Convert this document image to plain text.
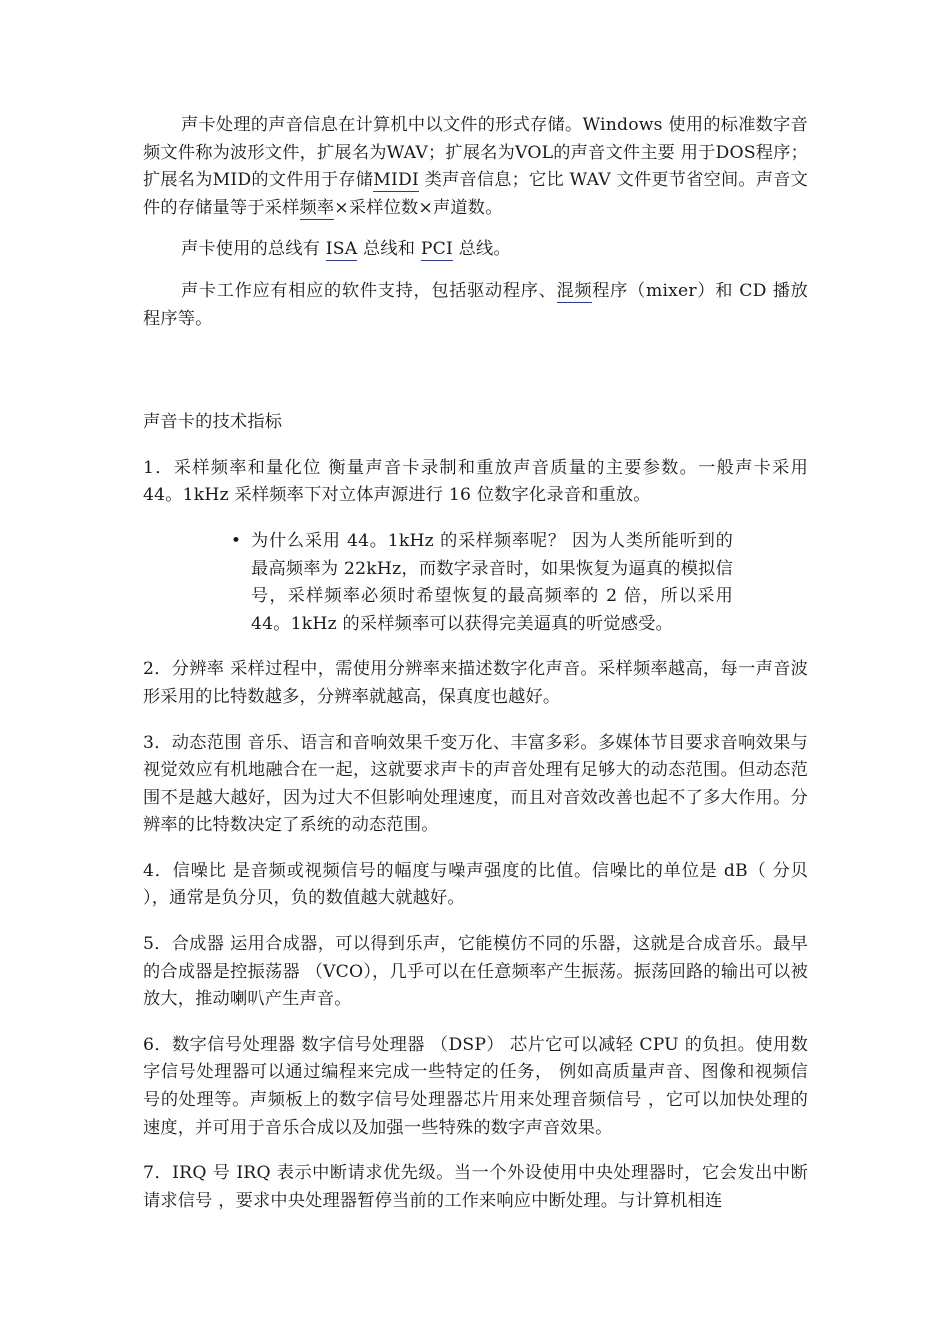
声卡处理的声音信息在计算机中以文件的形式存储。Windows 使用的标准数字音频文件称为波形文件，扩展名为WAV；扩展名为VOL的声音文件主要 用于DOS程序；扩展名为MID的文件用于存储MIDI 类声音信息；它比 WAV 文件更节省空间。声音文件的存储量等于采样频率×采样位数×声道数。

声卡使用的总线有 ISA 总线和 PCI 总线。

声卡工作应有相应的软件支持，包括驱动程序、混频程序（mixer）和 CD 播放程序等。

声音卡的技术指标

1．采样频率和量化位 衡量声音卡录制和重放声音质量的主要参数。一般声卡采用 44。1kHz 采样频率下对立体声源进行 16 位数字化录音和重放。

• 为什么采用 44。1kHz 的采样频率呢？ 因为人类所能听到的最高频率为 22kHz，而数字录音时，如果恢复为逼真的模拟信号，采样频率必须时希望恢复的最高频率的 2 倍，所以采用 44。1kHz 的采样频率可以获得完美逼真的听觉感受。

2．分辨率 采样过程中，需使用分辨率来描述数字化声音。采样频率越高，每一声音波形采用的比特数越多，分辨率就越高，保真度也越好。

3．动态范围 音乐、语言和音响效果千变万化、丰富多彩。多媒体节目要求音响效果与视觉效应有机地融合在一起，这就要求声卡的声音处理有足够大的动态范围。但动态范围不是越大越好，因为过大不但影响处理速度，而且对音效改善也起不了多大作用。分辨率的比特数决定了系统的动态范围。

4．信噪比 是音频或视频信号的幅度与噪声强度的比值。信噪比的单位是 dB（ 分贝 ），通常是负分贝，负的数值越大就越好。

5．合成器 运用合成器，可以得到乐声，它能模仿不同的乐器，这就是合成音乐。最早的合成器是控振荡器 （VCO），几乎可以在任意频率产生振荡。振荡回路的输出可以被放大，推动喇叭产生声音。

6．数字信号处理器 数字信号处理器 （DSP） 芯片它可以减轻 CPU 的负担。使用数字信号处理器可以通过编程来完成一些特定的任务， 例如高质量声音、图像和视频信号的处理等。声频板上的数字信号处理器芯片用来处理音频信号 ，它可以加快处理的速度，并可用于音乐合成以及加强一些特殊的数字声音效果。

7．IRQ 号 IRQ 表示中断请求优先级。当一个外设使用中央处理器时，它会发出中断请求信号 ，要求中央处理器暂停当前的工作来响应中断处理。与计算机相连
